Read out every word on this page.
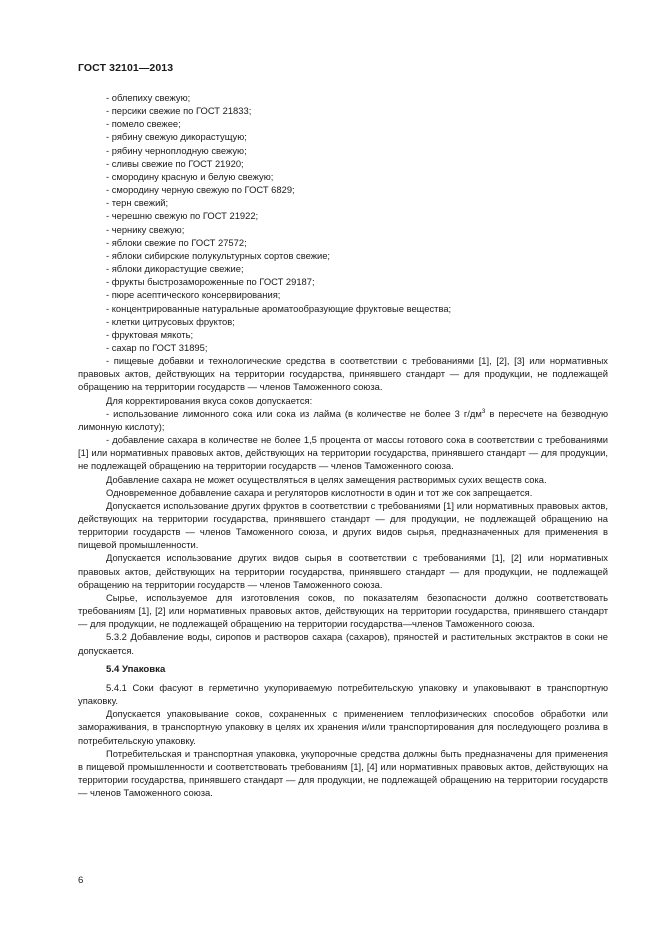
ГОСТ 32101—2013
- облепиху свежую;
- персики свежие по ГОСТ 21833;
- помело свежее;
- рябину свежую дикорастущую;
- рябину черноплодную свежую;
- сливы свежие по ГОСТ 21920;
- смородину красную и белую свежую;
- смородину черную свежую по ГОСТ 6829;
- терн свежий;
- черешню свежую по ГОСТ 21922;
- чернику свежую;
- яблоки свежие по ГОСТ 27572;
- яблоки сибирские полукультурных сортов свежие;
- яблоки дикорастущие свежие;
- фрукты быстрозамороженные по ГОСТ 29187;
- пюре асептического консервирования;
- концентрированные натуральные ароматообразующие фруктовые вещества;
- клетки цитрусовых фруктов;
- фруктовая мякоть;
- сахар по ГОСТ 31895;
- пищевые добавки и технологические средства в соответствии с требованиями [1], [2], [3] или нормативных правовых актов, действующих на территории государства, принявшего стандарт — для продукции, не подлежащей обращению на территории государств — членов Таможенного союза.
Для корректирования вкуса соков допускается:
- использование лимонного сока или сока из лайма (в количестве не более 3 $г/дм^3$ в пересчете на безводную лимонную кислоту);
- добавление сахара в количестве не более 1,5 процента от массы готового сока в соответствии с требованиями [1] или нормативных правовых актов, действующих на территории государства, принявшего стандарт — для продукции, не подлежащей обращению на территории государств — членов Таможенного союза.
Добавление сахара не может осуществляться в целях замещения растворимых сухих веществ сока.
Одновременное добавление сахара и регуляторов кислотности в один и тот же сок запрещается.
Допускается использование других фруктов в соответствии с требованиями [1] или нормативных правовых актов, действующих на территории государства, принявшего стандарт — для продукции, не подлежащей обращению на территории государств — членов Таможенного союза, и других видов сырья, предназначенных для применения в пищевой промышленности.
Допускается использование других видов сырья в соответствии с требованиями [1], [2] или нормативных правовых актов, действующих на территории государства, принявшего стандарт — для продукции, не подлежащей обращению на территории государств — членов Таможенного союза.
Сырье, используемое для изготовления соков, по показателям безопасности должно соответствовать требованиям [1], [2] или нормативных правовых актов, действующих на территории государства, принявшего стандарт — для продукции, не подлежащей обращению на территории государства—членов Таможенного союза.
5.3.2 Добавление воды, сиропов и растворов сахара (сахаров), пряностей и растительных экстрактов в соки не допускается.
5.4 Упаковка
5.4.1 Соки фасуют в герметично укупориваемую потребительскую упаковку и упаковывают в транспортную упаковку.
Допускается упаковывание соков, сохраненных с применением теплофизических способов обработки или замораживания, в транспортную упаковку в целях их хранения и/или транспортирования для последующего розлива в потребительскую упаковку.
Потребительская и транспортная упаковка, укупорочные средства должны быть предназначены для применения в пищевой промышленности и соответствовать требованиям [1], [4] или нормативных правовых актов, действующих на территории государства, принявшего стандарт — для продукции, не подлежащей обращению на территории государств — членов Таможенного союза.
6
